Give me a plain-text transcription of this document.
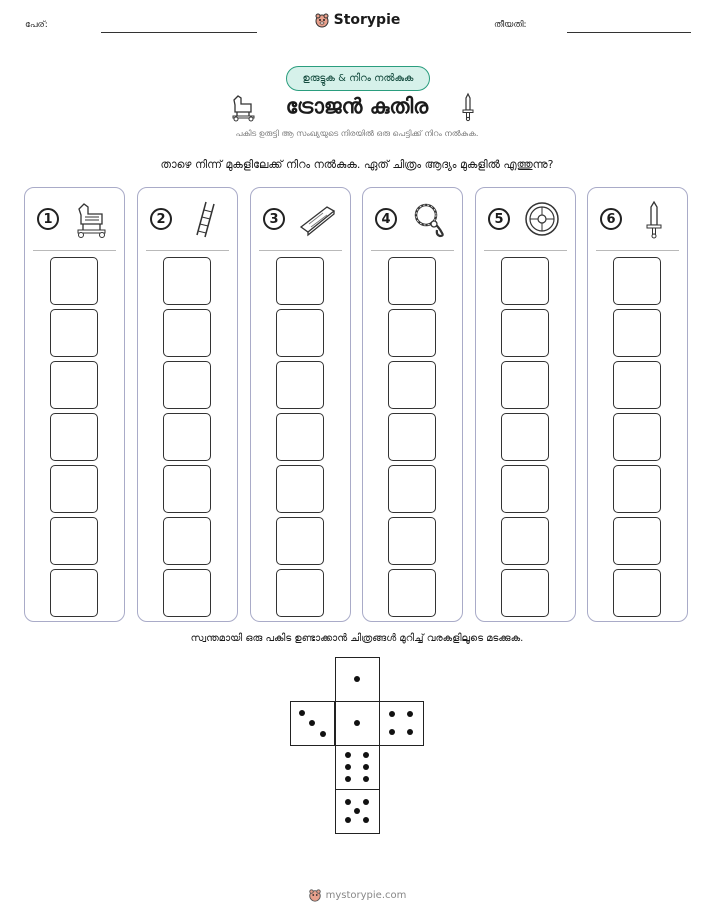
പേര്:	തീയതി:
Storypie
ഉരുട്ടുക & നിറം നൽകുക
ട്രോജൻ കുതിര
പകിട ഉരുട്ടി ആ സംഖ്യയുടെ നിരയിൽ ഒരു പെട്ടിക്ക് നിറം നൽകുക.
താഴെ നിന്ന് മുകളിലേക്ക് നിറം നൽകുക. ഏത് ചിത്രം ആദ്യം മുകളിൽ എത്തുന്നു?
1	2	3	4	5	6
സ്വന്തമായി ഒരു പകിട ഉണ്ടാക്കാൻ ചിത്രങ്ങൾ മുറിച്ച് വരകളിലൂടെ മടക്കുക.
mystorypie.com
